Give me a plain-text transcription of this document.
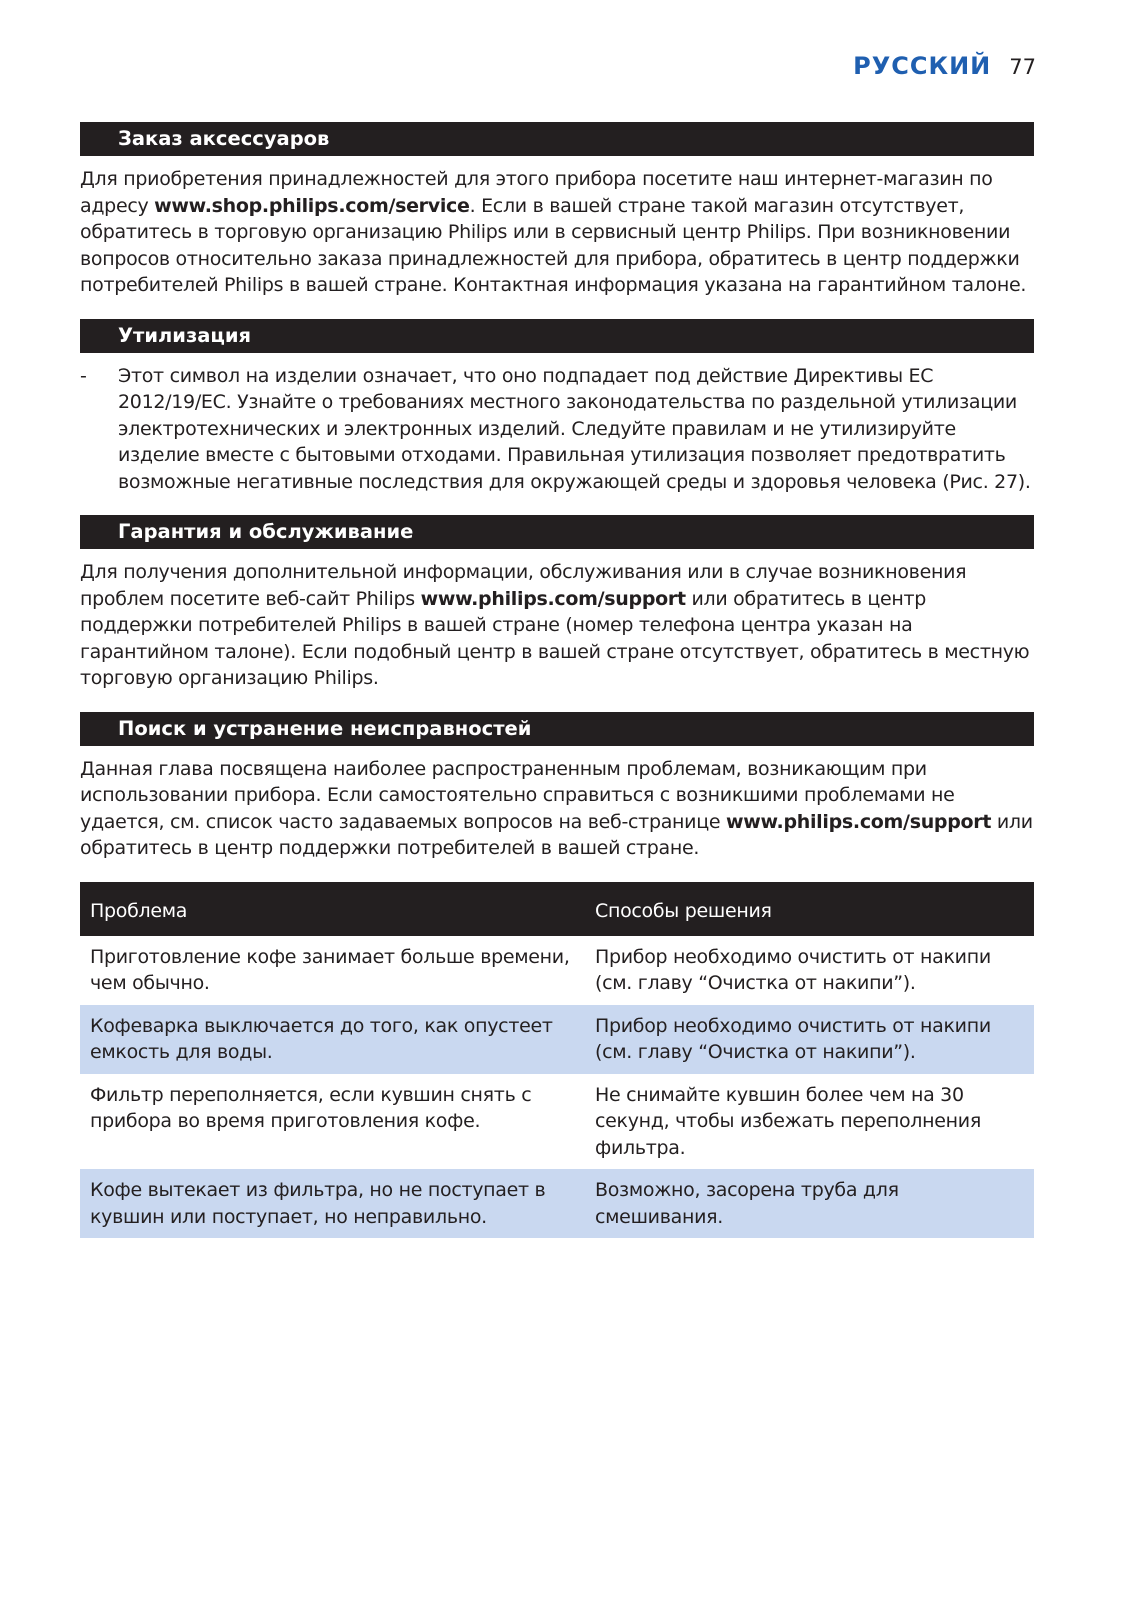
РУССКИЙ 77
Заказ аксессуаров

Для приобретения принадлежностей для этого прибора посетите наш интернет-магазин по адресу www.shop.philips.com/service. Если в вашей стране такой магазин отсутствует, обратитесь в торговую организацию Philips или в сервисный центр Philips. При возникновении вопросов относительно заказа принадлежностей для прибора, обратитесь в центр поддержки потребителей Philips в вашей стране. Контактная информация указана на гарантийном талоне.

Утилизация
-	Этот символ на изделии означает, что оно подпадает под действие Директивы EC 2012/19/EC. Узнайте о требованиях местного законодательства по раздельной утилизации электротехнических и электронных изделий. Следуйте правилам и не утилизируйте изделие вместе с бытовыми отходами. Правильная утилизация позволяет предотвратить возможные негативные последствия для окружающей среды и здоровья человека (Рис. 27).
Гарантия и обслуживание

Для получения дополнительной информации, обслуживания или в случае возникновения проблем посетите веб-сайт Philips www.philips.com/support или обратитесь в центр поддержки потребителей Philips в вашей стране (номер телефона центра указан на гарантийном талоне). Если подобный центр в вашей стране отсутствует, обратитесь в местную торговую организацию Philips.

Поиск и устранение неисправностей

Данная глава посвящена наиболее распространенным проблемам, возникающим при использовании прибора. Если самостоятельно справиться с возникшими проблемами не удается, см. список часто задаваемых вопросов на веб-странице www.philips.com/support или обратитесь в центр поддержки потребителей в вашей стране.

Проблема	Способы решения
Приготовление кофе занимает больше времени, чем обычно.	Прибор необходимо очистить от накипи (см. главу “Очистка от накипи”).
Кофеварка выключается до того, как опустеет емкость для воды.	Прибор необходимо очистить от накипи (см. главу “Очистка от накипи”).
Фильтр переполняется, если кувшин снять с прибора во время приготовления кофе.	Не снимайте кувшин более чем на 30 секунд, чтобы избежать переполнения фильтра.
Кофе вытекает из фильтра, но не поступает в кувшин или поступает, но неправильно.	Возможно, засорена труба для смешивания.
